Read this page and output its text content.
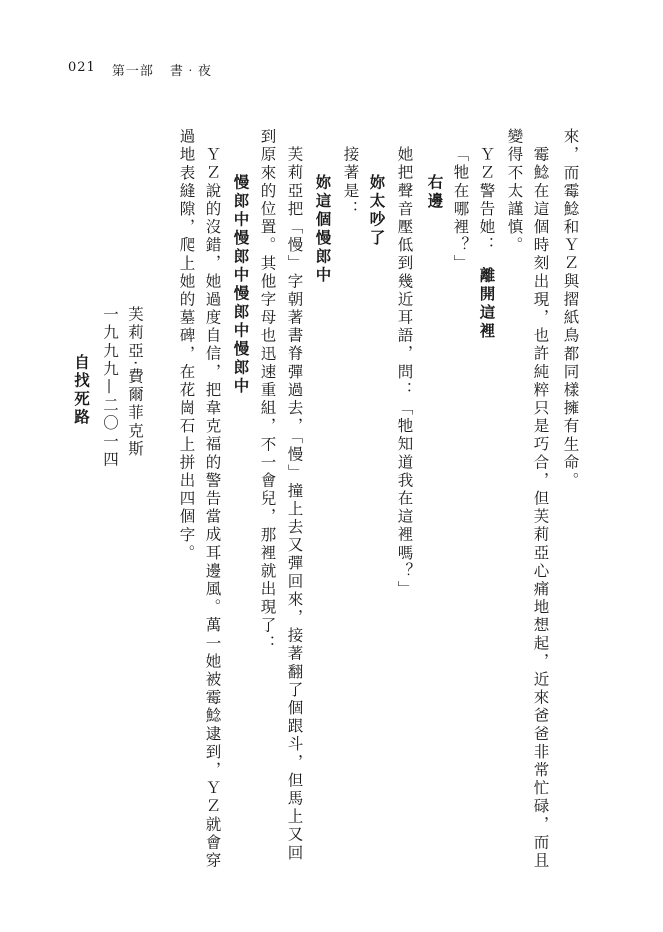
021 第一部 書‧夜
來，而霉鯰和ＹＺ與摺紙鳥都同樣擁有生命。
霉鯰在這個時刻出現，也許純粹只是巧合，但芙莉亞心痛地想起，近來爸爸非常忙碌，而且
變得不太謹慎。
ＹＺ警告她：
離開這裡
「牠在哪裡？」
右邊
她把聲音壓低到幾近耳語，問：「牠知道我在這裡嗎？」
妳太吵了
接著是：
妳這個慢郎中
芙莉亞把「慢」字朝著書脊彈過去，「慢」撞上去又彈回來，接著翻了個跟斗，但馬上又回
到原來的位置。其他字母也迅速重組，不一會兒，那裡就出現了：
慢郎中慢郎中慢郎中慢郎中
ＹＺ說的沒錯，她過度自信，把韋克福的警告當成耳邊風。萬一她被霉鯰逮到，ＹＺ就會穿
過地表縫隙，爬上她的墓碑，在花崗石上拼出四個字。
芙莉亞‧費爾菲克斯
一九九九—二〇一四
自找死路
